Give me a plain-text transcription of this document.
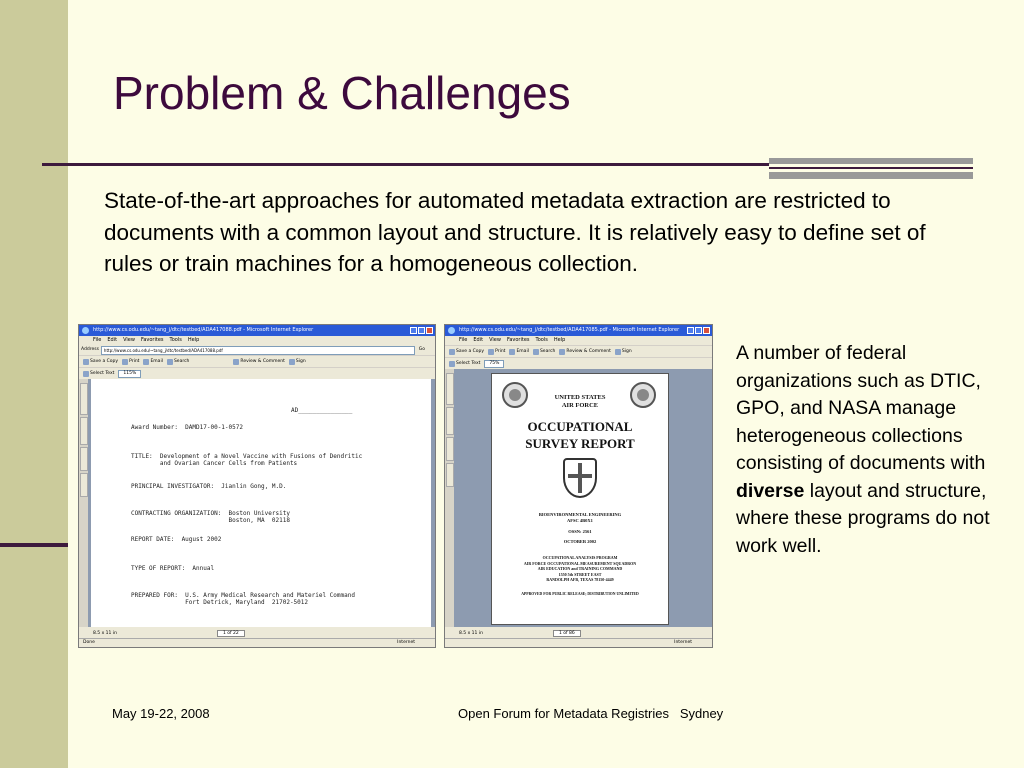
Problem & Challenges
State-of-the-art approaches for automated metadata extraction are restricted to documents with a common layout and structure. It is relatively easy to define set of rules or train machines for a homogeneous collection.
http://www.cs.odu.edu/~tang_j/dtc/testbed/ADA417088.pdf - Microsoft Internet Explorer
File Edit View Favorites Tools Help
Address	http://www.cs.odu.edu/~tang_j/dtc/testbed/ADA417088.pdf	Go
Save a Copy Print Email Search	Review & Comment Sign
Select Text	115%
AD_______________
Award Number:  DAMD17-00-1-0572
TITLE:  Development of a Novel Vaccine with Fusions of Dendritic
and Ovarian Cancer Cells from Patients
PRINCIPAL INVESTIGATOR:  Jianlin Gong, M.D.
CONTRACTING ORGANIZATION:  Boston University
Boston, MA  02118
REPORT DATE:  August 2002
TYPE OF REPORT:  Annual
PREPARED FOR:  U.S. Army Medical Research and Materiel Command
Fort Detrick, Maryland  21702-5012
8.5 x 11 in	1 of 22
Done	Internet
http://www.cs.odu.edu/~tang_j/dtc/testbed/ADA417085.pdf - Microsoft Internet Explorer
File Edit View Favorites Tools Help
Save a Copy Print Email Search Review & Comment Sign
Select Text	75%
UNITED STATES
AIR FORCE
OCCUPATIONAL
SURVEY REPORT
BIOENVIRONMENTAL ENGINEERING
AFSC 4B0X1
OSSN: 2561
OCTOBER 2002
OCCUPATIONAL ANALYSIS PROGRAM
AIR FORCE OCCUPATIONAL MEASUREMENT SQUADRON
AIR EDUCATION and TRAINING COMMAND
1550 5th STREET EAST
RANDOLPH AFB, TEXAS 78150-4449
APPROVED FOR PUBLIC RELEASE; DISTRIBUTION UNLIMITED
8.5 x 11 in	1 of 86
Internet
A number of federal organizations such as DTIC, GPO, and NASA manage heterogeneous collections consisting of documents with diverse layout and structure, where these programs do not work well.
May 19-22, 2008	Open Forum for Metadata Registries   Sydney
